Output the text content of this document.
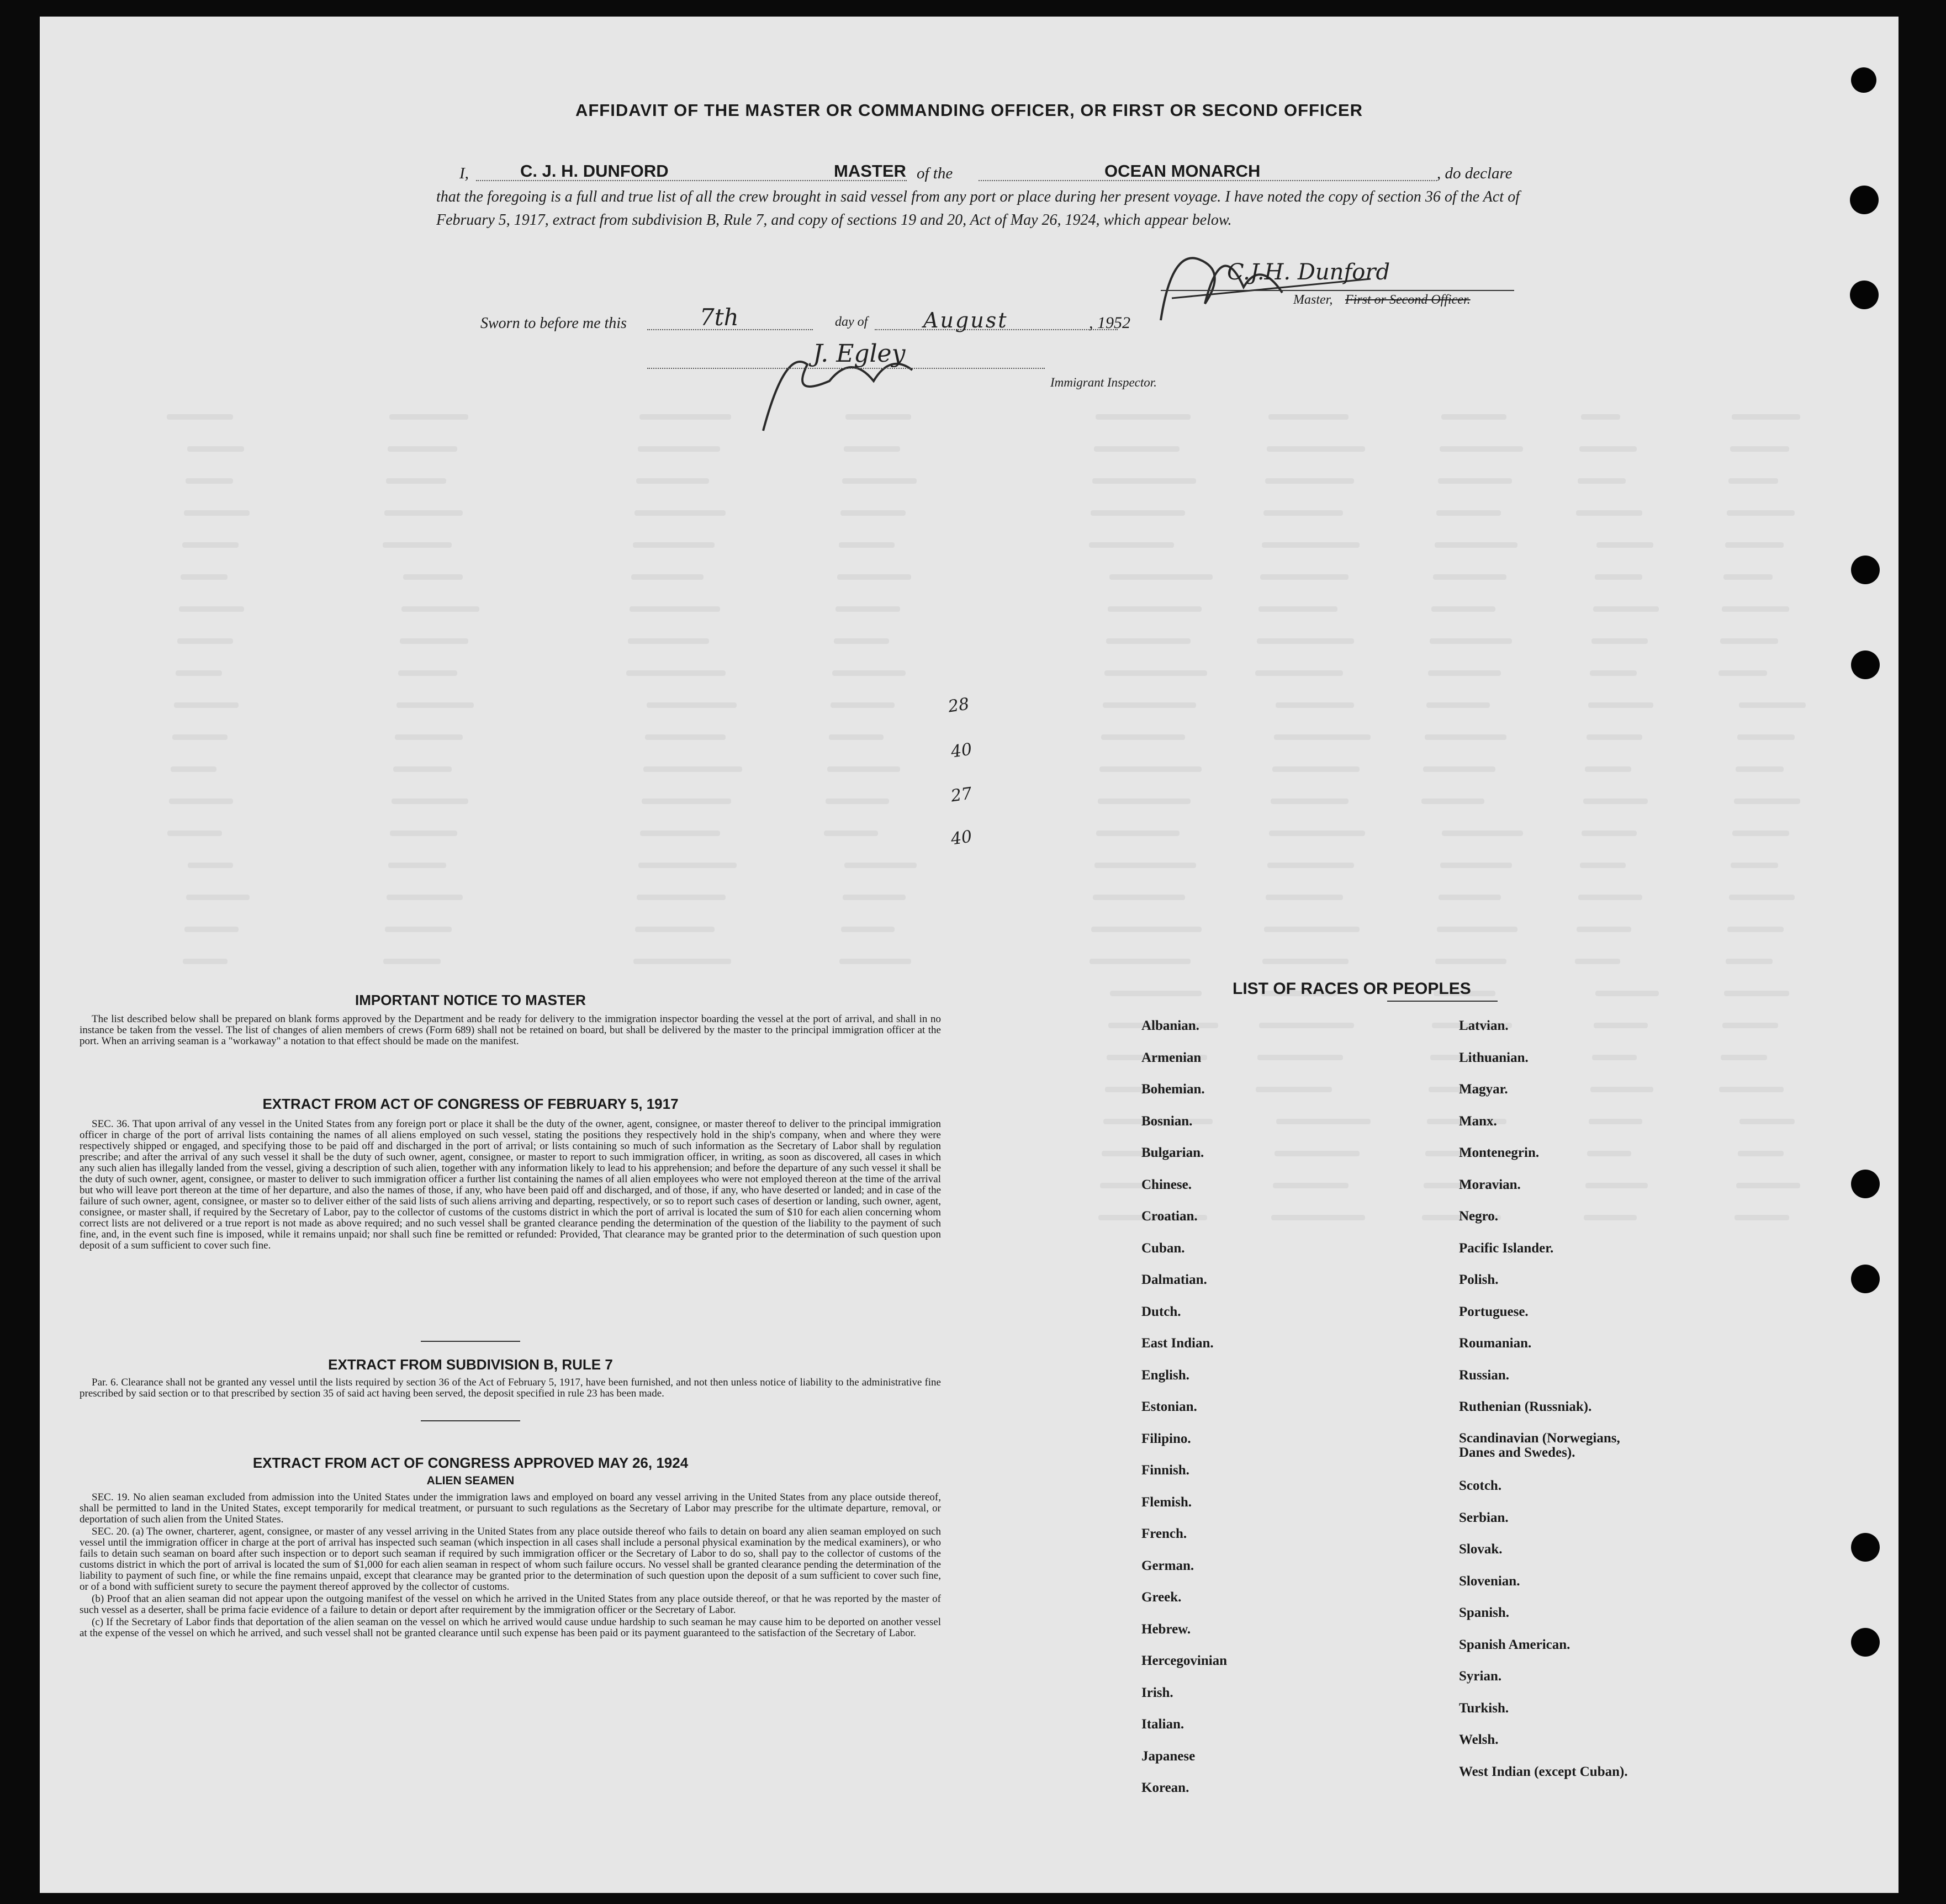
AFFIDAVIT OF THE MASTER OR COMMANDING OFFICER, OR FIRST OR SECOND OFFICER
I,	C. J. H. DUNFORD	MASTER of the	OCEAN MONARCH	, do declare
that the foregoing is a full and true list of all the crew brought in said vessel from any port or place during her present voyage. I have noted the copy of section 36 of the Act of February 5, 1917, extract from subdivision B, Rule 7, and copy of sections 19 and 20, Act of May 26, 1924, which appear below.
C.J.H. Dunford
Master, First or Second Officer.
Sworn to before me this	7th	day of	August	, 1952
J. Egley
Immigrant Inspector.
28
40
27
40
IMPORTANT NOTICE TO MASTER

The list described below shall be prepared on blank forms approved by the Department and be ready for delivery to the immigration inspector boarding the vessel at the port of arrival, and shall in no instance be taken from the vessel. The list of changes of alien members of crews (Form 689) shall not be retained on board, but shall be delivered by the master to the principal immigration officer at the port. When an arriving seaman is a "workaway" a notation to that effect should be made on the manifest.

EXTRACT FROM ACT OF CONGRESS OF FEBRUARY 5, 1917

SEC. 36. That upon arrival of any vessel in the United States from any foreign port or place it shall be the duty of the owner, agent, consignee, or master thereof to deliver to the principal immigration officer in charge of the port of arrival lists containing the names of all aliens employed on such vessel, stating the positions they respectively hold in the ship's company, when and where they were respectively shipped or engaged, and specifying those to be paid off and discharged in the port of arrival; or lists containing so much of such information as the Secretary of Labor shall by regulation prescribe; and after the arrival of any such vessel it shall be the duty of such owner, agent, consignee, or master to report to such immigration officer, in writing, as soon as discovered, all cases in which any such alien has illegally landed from the vessel, giving a description of such alien, together with any information likely to lead to his apprehension; and before the departure of any such vessel it shall be the duty of such owner, agent, consignee, or master to deliver to such immigration officer a further list containing the names of all alien employees who were not employed thereon at the time of the arrival but who will leave port thereon at the time of her departure, and also the names of those, if any, who have been paid off and discharged, and of those, if any, who have deserted or landed; and in case of the failure of such owner, agent, consignee, or master so to deliver either of the said lists of such aliens arriving and departing, respectively, or so to report such cases of desertion or landing, such owner, agent, consignee, or master shall, if required by the Secretary of Labor, pay to the collector of customs of the customs district in which the port of arrival is located the sum of $10 for each alien concerning whom correct lists are not delivered or a true report is not made as above required; and no such vessel shall be granted clearance pending the determination of the question of the liability to the payment of such fine, and, in the event such fine is imposed, while it remains unpaid; nor shall such fine be remitted or refunded: Provided, That clearance may be granted prior to the determination of such question upon deposit of a sum sufficient to cover such fine.

EXTRACT FROM SUBDIVISION B, RULE 7

Par. 6. Clearance shall not be granted any vessel until the lists required by section 36 of the Act of February 5, 1917, have been furnished, and not then unless notice of liability to the administrative fine prescribed by said section or to that prescribed by section 35 of said act having been served, the deposit specified in rule 23 has been made.

EXTRACT FROM ACT OF CONGRESS APPROVED MAY 26, 1924
ALIEN SEAMEN

SEC. 19. No alien seaman excluded from admission into the United States under the immigration laws and employed on board any vessel arriving in the United States from any place outside thereof, shall be permitted to land in the United States, except temporarily for medical treatment, or pursuant to such regulations as the Secretary of Labor may prescribe for the ultimate departure, removal, or deportation of such alien from the United States.

SEC. 20. (a) The owner, charterer, agent, consignee, or master of any vessel arriving in the United States from any place outside thereof who fails to detain on board any alien seaman employed on such vessel until the immigration officer in charge at the port of arrival has inspected such seaman (which inspection in all cases shall include a personal physical examination by the medical examiners), or who fails to detain such seaman on board after such inspection or to deport such seaman if required by such immigration officer or the Secretary of Labor to do so, shall pay to the collector of customs of the customs district in which the port of arrival is located the sum of $1,000 for each alien seaman in respect of whom such failure occurs. No vessel shall be granted clearance pending the determination of the liability to payment of such fine, or while the fine remains unpaid, except that clearance may be granted prior to the determination of such question upon the deposit of a sum sufficient to cover such fine, or of a bond with sufficient surety to secure the payment thereof approved by the collector of customs.

(b) Proof that an alien seaman did not appear upon the outgoing manifest of the vessel on which he arrived in the United States from any place outside thereof, or that he was reported by the master of such vessel as a deserter, shall be prima facie evidence of a failure to detain or deport after requirement by the immigration officer or the Secretary of Labor.

(c) If the Secretary of Labor finds that deportation of the alien seaman on the vessel on which he arrived would cause undue hardship to such seaman he may cause him to be deported on another vessel at the expense of the vessel on which he arrived, and such vessel shall not be granted clearance until such expense has been paid or its payment guaranteed to the satisfaction of the Secretary of Labor.

LIST OF RACES OR PEOPLES
Albanian.
Armenian
Bohemian.
Bosnian.
Bulgarian.
Chinese.
Croatian.
Cuban.
Dalmatian.
Dutch.
East Indian.
English.
Estonian.
Filipino.
Finnish.
Flemish.
French.
German.
Greek.
Hebrew.
Hercegovinian
Irish.
Italian.
Japanese
Korean.
Latvian.
Lithuanian.
Magyar.
Manx.
Montenegrin.
Moravian.
Negro.
Pacific Islander.
Polish.
Portuguese.
Roumanian.
Russian.
Ruthenian (Russniak).
Scandinavian (Norwegians, Danes and Swedes).
Scotch.
Serbian.
Slovak.
Slovenian.
Spanish.
Spanish American.
Syrian.
Turkish.
Welsh.
West Indian (except Cuban).
